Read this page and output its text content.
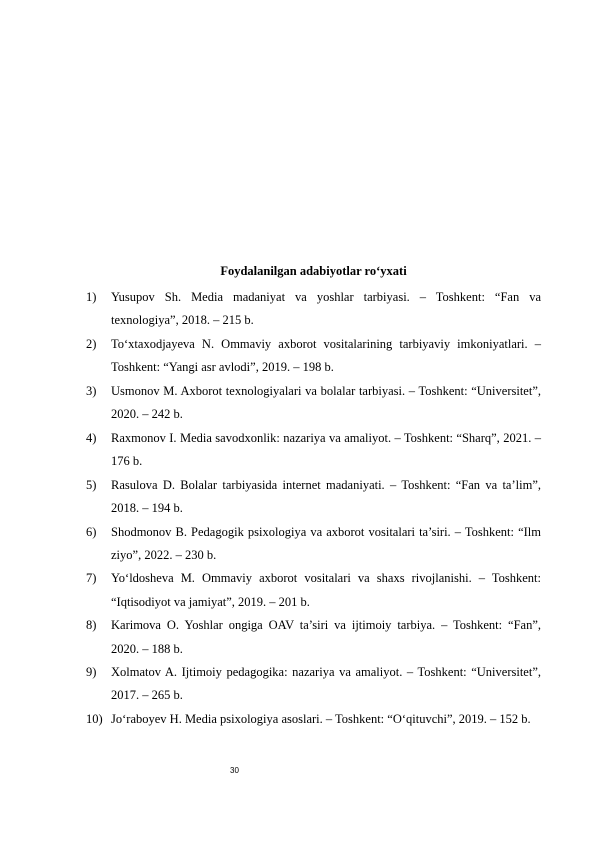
Foydalanilgan adabiyotlar ro‘yxati
1)	Yusupov Sh. Media madaniyat va yoshlar tarbiyasi. – Toshkent: “Fan va texnologiya”, 2018. – 215 b.
2)	To‘xtaxodjayeva N. Ommaviy axborot vositalarining tarbiyaviy imkoniyatlari. – Toshkent: “Yangi asr avlodi”, 2019. – 198 b.
3)	Usmonov M. Axborot texnologiyalari va bolalar tarbiyasi. – Toshkent: “Universitet”, 2020. – 242 b.
4)	Raxmonov I. Media savodxonlik: nazariya va amaliyot. – Toshkent: “Sharq”, 2021. – 176 b.
5)	Rasulova D. Bolalar tarbiyasida internet madaniyati. – Toshkent: “Fan va ta’lim”, 2018. – 194 b.
6)	Shodmonov B. Pedagogik psixologiya va axborot vositalari ta’siri. – Toshkent: “Ilm ziyo”, 2022. – 230 b.
7)	Yo‘ldosheva M. Ommaviy axborot vositalari va shaxs rivojlanishi. – Toshkent: “Iqtisodiyot va jamiyat”, 2019. – 201 b.
8)	Karimova O. Yoshlar ongiga OAV ta’siri va ijtimoiy tarbiya. – Toshkent: “Fan”, 2020. – 188 b.
9)	Xolmatov A. Ijtimoiy pedagogika: nazariya va amaliyot. – Toshkent: “Universitet”, 2017. – 265 b.
10) Jo‘raboyev H. Media psixologiya asoslari. – Toshkent: “O‘qituvchi”, 2019. – 152 b.
30
